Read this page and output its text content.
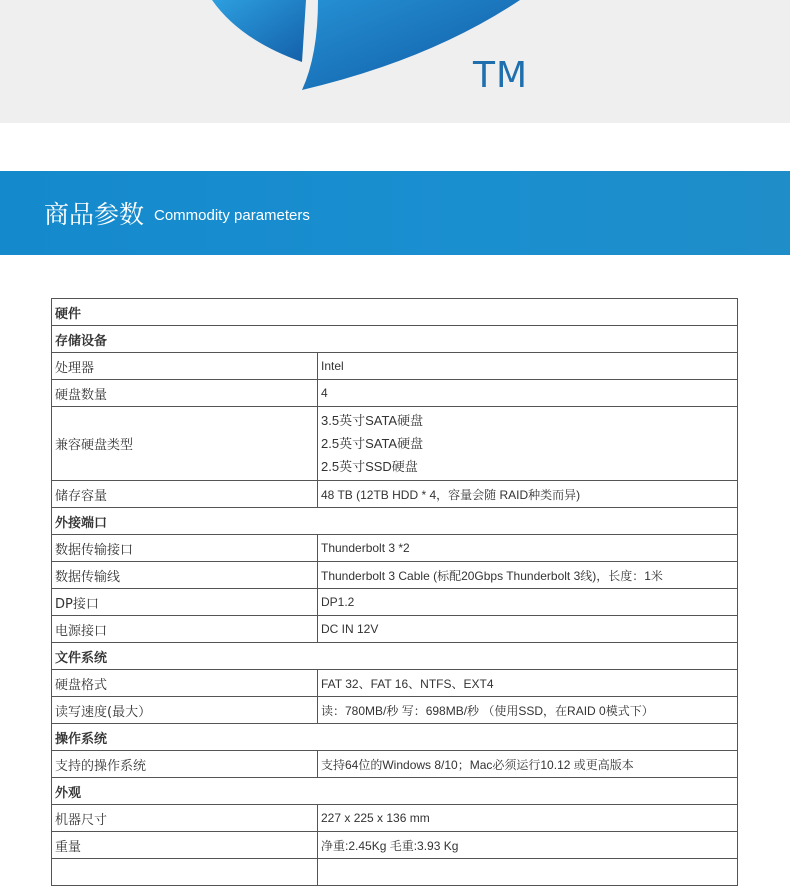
TM
商品参数 Commodity parameters
硬件	
存储设备	
处理器	Intel
硬盘数量	4
兼容硬盘类型	3.5英寸SATA硬盘
2.5英寸SATA硬盘
2.5英寸SSD硬盘

储存容量	48 TB (12TB HDD * 4，容量会随 RAID种类而异)
外接端口	
数据传输接口	Thunderbolt 3 *2
数据传输线	Thunderbolt 3 Cable (标配20Gbps Thunderbolt 3线)，长度：1米
DP接口	DP1.2
电源接口	DC IN 12V
文件系统	
硬盘格式	FAT 32、FAT 16、NTFS、EXT4
读写速度(最大）	读：780MB/秒 写：698MB/秒 （使用SSD，在RAID 0模式下）
操作系统	
支持的操作系统	支持64位的Windows 8/10；Mac必须运行10.12 或更高版本
外观	
机器尺寸	227 x 225 x 136 mm
重量	净重:2.45Kg 毛重:3.93 Kg
